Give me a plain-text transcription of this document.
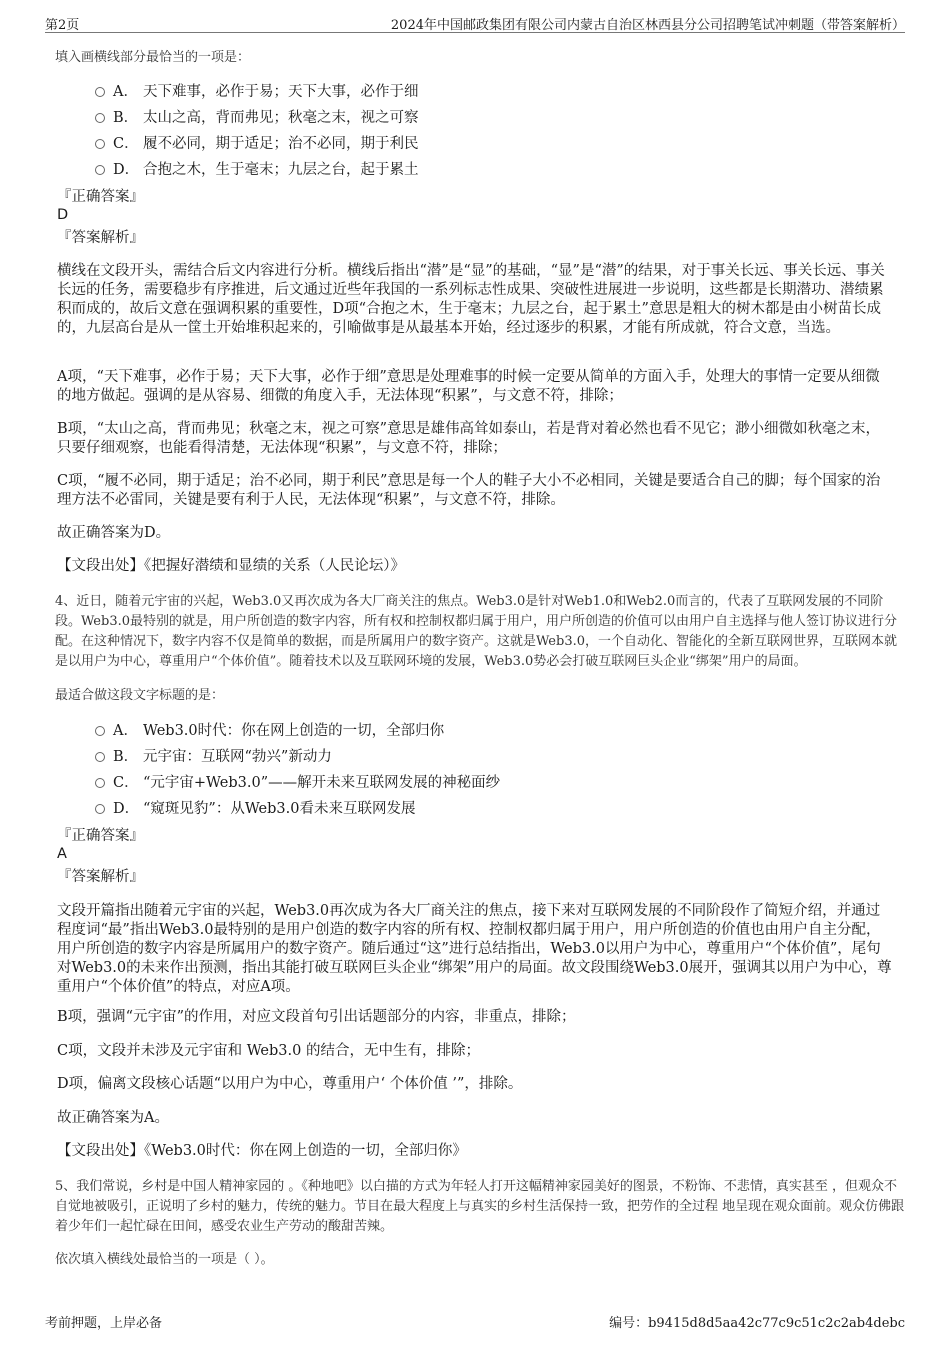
第2页	2024年中国邮政集团有限公司内蒙古自治区林西县分公司招聘笔试冲刺题（带答案解析）
填入画横线部分最恰当的一项是：
A． 天下难事，必作于易；天下大事，必作于细
B． 太山之高，背而弗见；秋毫之末，视之可察
C． 履不必同，期于适足；治不必同，期于利民
D． 合抱之木，生于毫末；九层之台，起于累土
『正确答案』
D
『答案解析』
横线在文段开头，需结合后文内容进行分析。横线后指出“潜”是“显”的基础，“显”是“潜”的结果，对于事关长远、事关长远、事关长远的任务，需要稳步有序推进，后文通过近些年我国的一系列标志性成果、突破性进展进一步说明，这些都是长期潜功、潜绩累积而成的，故后文意在强调积累的重要性，D项“合抱之木，生于毫末；九层之台，起于累土”意思是粗大的树木都是由小树苗长成的，九层高台是从一筐土开始堆积起来的，引喻做事是从最基本开始，经过逐步的积累，才能有所成就，符合文意，当选。
A项，“天下难事，必作于易；天下大事，必作于细”意思是处理难事的时候一定要从简单的方面入手，处理大的事情一定要从细微的地方做起。强调的是从容易、细微的角度入手，无法体现“积累”，与文意不符，排除；
B项，“太山之高，背而弗见；秋毫之末，视之可察”意思是雄伟高耸如泰山，若是背对着必然也看不见它；渺小细微如秋毫之末，只要仔细观察，也能看得清楚，无法体现“积累”，与文意不符，排除；
C项，“履不必同，期于适足；治不必同，期于利民”意思是每一个人的鞋子大小不必相同，关键是要适合自己的脚；每个国家的治理方法不必雷同，关键是要有利于人民，无法体现“积累”，与文意不符，排除。
故正确答案为D。
【文段出处】《把握好潜绩和显绩的关系（人民论坛）》
4、近日，随着元宇宙的兴起，Web3.0又再次成为各大厂商关注的焦点。Web3.0是针对Web1.0和Web2.0而言的，代表了互联网发展的不同阶段。Web3.0最特别的就是，用户所创造的数字内容，所有权和控制权都归属于用户，用户所创造的价值可以由用户自主选择与他人签订协议进行分配。在这种情况下，数字内容不仅是简单的数据，而是所属用户的数字资产。这就是Web3.0，一个自动化、智能化的全新互联网世界，互联网本就是以用户为中心，尊重用户“个体价值”。随着技术以及互联网环境的发展，Web3.0势必会打破互联网巨头企业“绑架”用户的局面。
最适合做这段文字标题的是：
A． Web3.0时代：你在网上创造的一切，全部归你
B． 元宇宙：互联网“勃兴”新动力
C． “元宇宙+Web3.0”——解开未来互联网发展的神秘面纱
D． “窥斑见豹”：从Web3.0看未来互联网发展
『正确答案』
A
『答案解析』
文段开篇指出随着元宇宙的兴起，Web3.0再次成为各大厂商关注的焦点，接下来对互联网发展的不同阶段作了简短介绍，并通过程度词“最”指出Web3.0最特别的是用户创造的数字内容的所有权、控制权都归属于用户，用户所创造的价值也由用户自主分配，用户所创造的数字内容是所属用户的数字资产。随后通过“这”进行总结指出，Web3.0以用户为中心，尊重用户“个体价值”，尾句对Web3.0的未来作出预测，指出其能打破互联网巨头企业“绑架”用户的局面。故文段围绕Web3.0展开，强调其以用户为中心，尊重用户“个体价值”的特点，对应A项。
B项，强调“元宇宙”的作用，对应文段首句引出话题部分的内容，非重点，排除；
C项，文段并未涉及元宇宙和 Web3.0 的结合，无中生有，排除；
D项，偏离文段核心话题“以用户为中心，尊重用户‘ 个体价值 ’”，排除。
故正确答案为A。
【文段出处】《Web3.0时代：你在网上创造的一切，全部归你》
5、我们常说，乡村是中国人精神家园的 。《种地吧》以白描的方式为年轻人打开这幅精神家园美好的图景，不粉饰、不悲情，真实甚至 ，但观众不自觉地被吸引，正说明了乡村的魅力，传统的魅力。节目在最大程度上与真实的乡村生活保持一致，把劳作的全过程 地呈现在观众面前。观众仿佛跟着少年们一起忙碌在田间，感受农业生产劳动的酸甜苦辣。
依次填入横线处最恰当的一项是（ ）。
考前押题，上岸必备	编号：b9415d8d5aa42c77c9c51c2c2ab4debc
